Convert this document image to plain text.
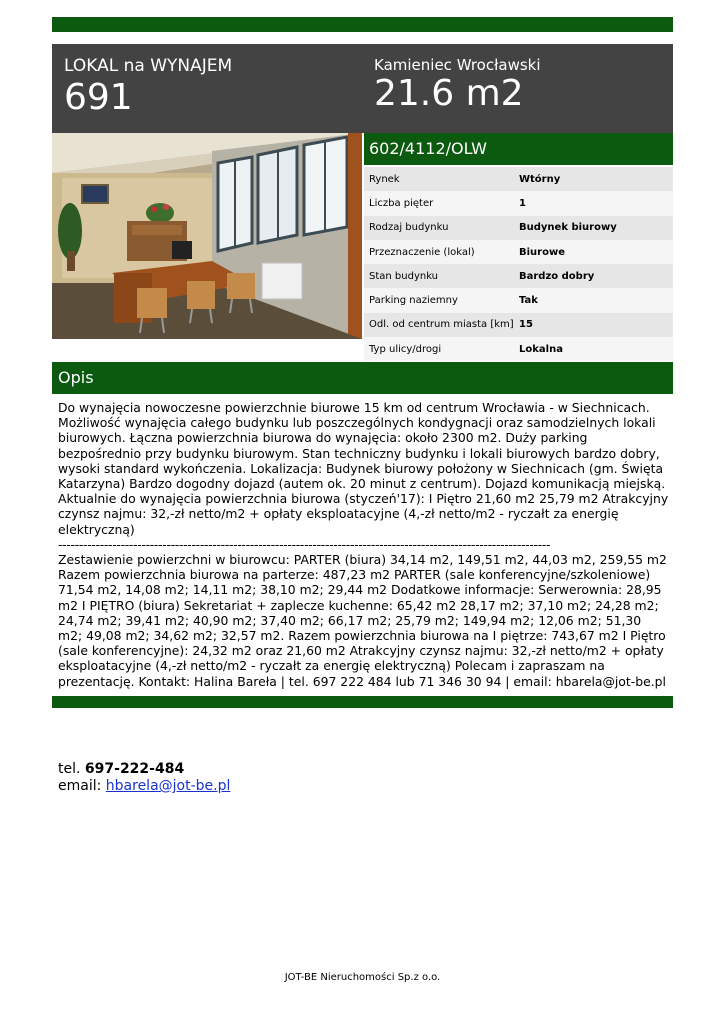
LOKAL na WYNAJEM
691
Kamieniec Wrocławski
21.6 m2
602/4112/OLW
Rynek	Wtórny
Liczba pięter	1
Rodzaj budynku	Budynek biurowy
Przeznaczenie (lokal)	Biurowe
Stan budynku	Bardzo dobry
Parking naziemny	Tak
Odl. od centrum miasta [km] 15
Typ ulicy/drogi	Lokalna
Opis

Do wynajęcia nowoczesne powierzchnie biurowe 15 km od centrum Wrocławia - w Siechnicach. Możliwość wynajęcia całego budynku lub poszczególnych kondygnacji oraz samodzielnych lokali biurowych. Łączna powierzchnia biurowa do wynajęcia: około 2300 m2. Duży parking bezpośrednio przy budynku biurowym. Stan techniczny budynku i lokali biurowych bardzo dobry, wysoki standard wykończenia. Lokalizacja: Budynek biurowy położony w Siechnicach (gm. Święta Katarzyna) Bardzo dogodny dojazd (autem ok. 20 minut z centrum). Dojazd komunikacją miejską. Aktualnie do wynajęcia powierzchnia biurowa (styczeń'17): I Piętro 21,60 m2 25,79 m2 Atrakcyjny czynsz najmu: 32,-zł netto/m2 + opłaty eksploatacyjne (4,-zł netto/m2 - ryczałt za energię elektryczną)

----------------------------------------------------------------------------------------------------------------------

Zestawienie powierzchni w biurowcu: PARTER (biura) 34,14 m2, 149,51 m2, 44,03 m2, 259,55 m2 Razem powierzchnia biurowa na parterze: 487,23 m2 PARTER (sale konferencyjne/szkoleniowe) 71,54 m2, 14,08 m2; 14,11 m2; 38,10 m2; 29,44 m2 Dodatkowe informacje: Serwerownia: 28,95 m2 I PIĘTRO (biura) Sekretariat + zaplecze kuchenne: 65,42 m2 28,17 m2; 37,10 m2; 24,28 m2; 24,74 m2; 39,41 m2; 40,90 m2; 37,40 m2; 66,17 m2; 25,79 m2; 149,94 m2; 12,06 m2; 51,30 m2; 49,08 m2; 34,62 m2; 32,57 m2. Razem powierzchnia biurowa na I piętrze: 743,67 m2 I Piętro (sale konferencyjne): 24,32 m2 oraz 21,60 m2 Atrakcyjny czynsz najmu: 32,-zł netto/m2 + opłaty eksploatacyjne (4,-zł netto/m2 - ryczałt za energię elektryczną) Polecam i zapraszam na prezentację. Kontakt: Halina Bareła | tel. 697 222 484 lub 71 346 30 94 | email: hbarela@jot-be.pl

tel. 697-222-484
email: hbarela@jot-be.pl
JOT-BE Nieruchomości Sp.z o.o.
